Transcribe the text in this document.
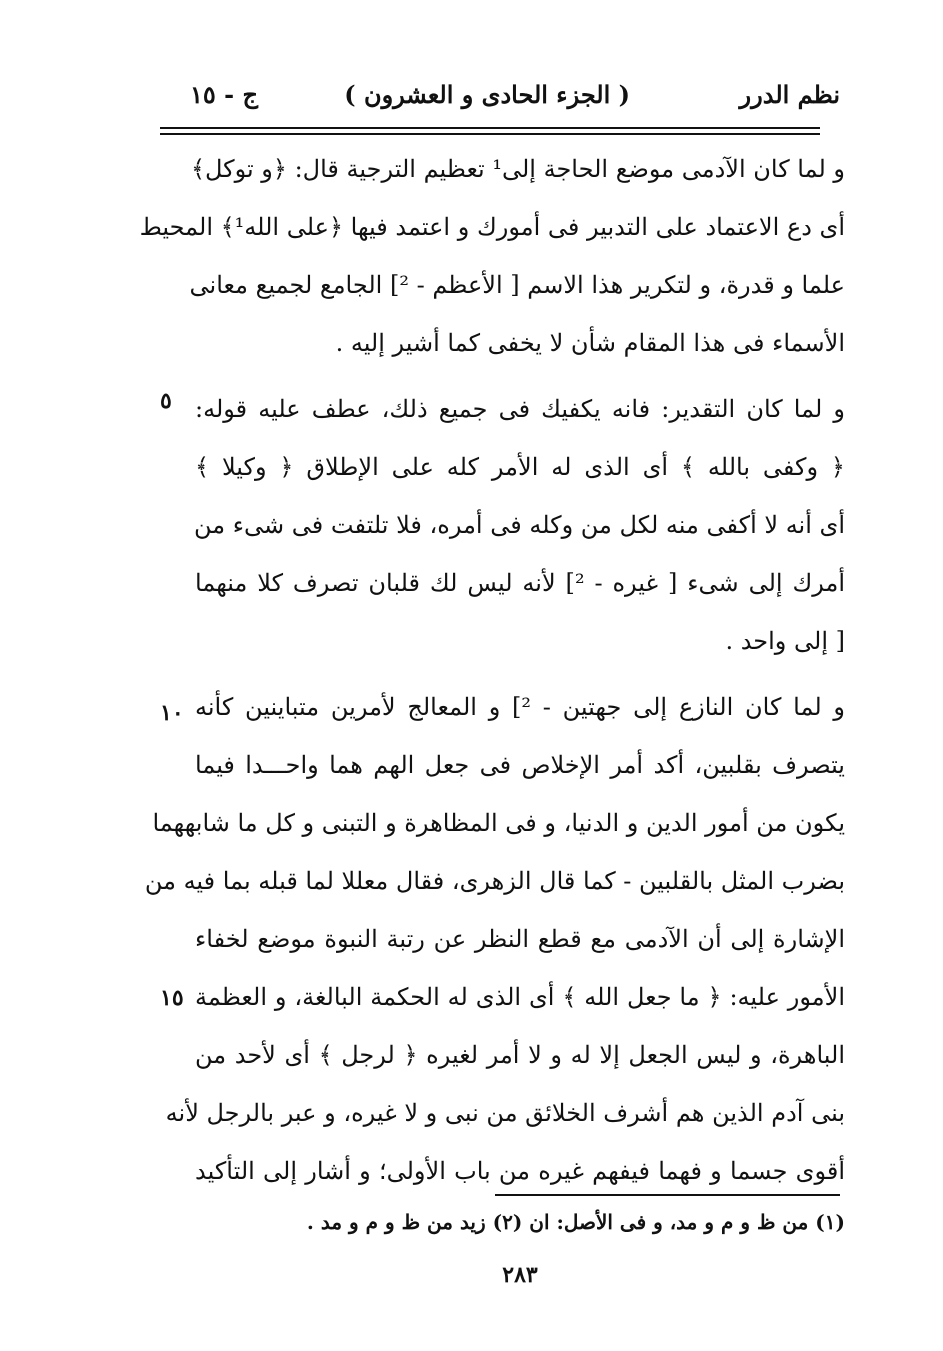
نظم الدرر
( الجزء الحادى و العشرون )
ج - ١٥
٥
١٠
١٥
و لما كان الآدمى موضع الحاجة إلى¹ تعظيم الترجية قال: ﴿و توكل﴾
أى دع الاعتماد على التدبير فى أمورك و اعتمد فيها ﴿على الله¹﴾ المحيط
علما و قدرة، و لتكرير هذا الاسم [ الأعظم - ²] الجامع لجميع معانى
الأسماء فى هذا المقام شأن لا يخفى كما أشير إليه .
و لما كان التقدير: فانه يكفيك فى جميع ذلك، عطف عليه قوله:
﴿ وكفى بالله ﴾ أى الذى له الأمر كله على الإطلاق ﴿ وكيلا ﴾
أى أنه لا أكفى منه لكل من وكله فى أمره، فلا تلتفت فى شىء من
أمرك إلى شىء [ غيره - ²] لأنه ليس لك قلبان تصرف كلا منهما
[ إلى واحد .
و لما كان النازع إلى جهتين - ²] و المعالج لأمرين متباينين كأنه
يتصرف بقلبين، أكد أمر الإخلاص فى جعل الهم هما واحـــدا فيما
يكون من أمور الدين و الدنيا، و فى المظاهرة و التبنى و كل ما شابههما
بضرب المثل بالقلبين - كما قال الزهرى، فقال معللا لما قبله بما فيه من
الإشارة إلى أن الآدمى مع قطع النظر عن رتبة النبوة موضع لخفاء
الأمور عليه: ﴿ ما جعل الله ﴾ أى الذى له الحكمة البالغة، و العظمة
الباهرة، و ليس الجعل إلا له و لا أمر لغيره ﴿ لرجل ﴾ أى لأحد من
بنى آدم الذين هم أشرف الخلائق من نبى و لا غيره، و عبر بالرجل لأنه
أقوى جسما و فهما فيفهم غيره من باب الأولى؛ و أشار إلى التأكيد
(١) من ظ و م و مد، و فى الأصل: ان (٢) زيد من ظ و م و مد .
٢٨٣
